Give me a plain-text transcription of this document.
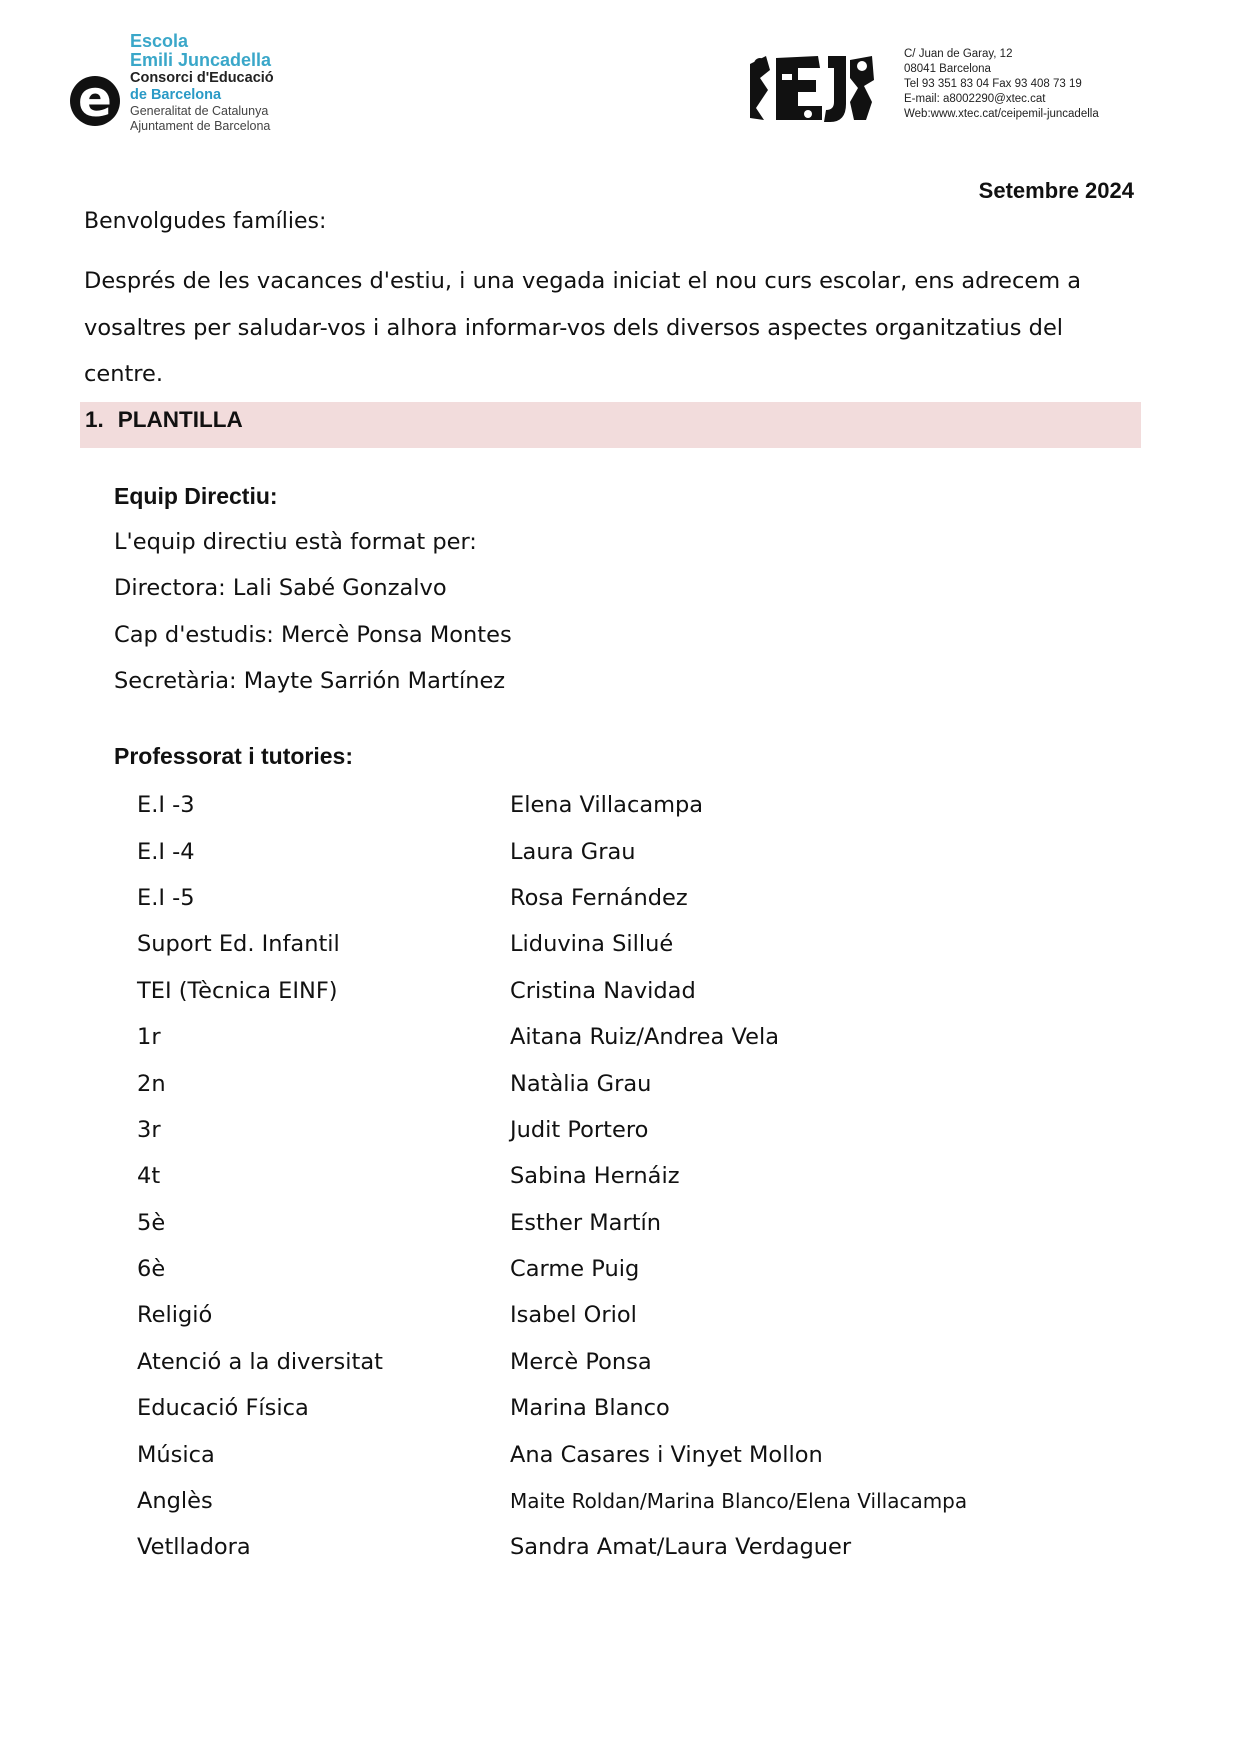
e
Escola
Emili Juncadella
Consorci d'Educació
de Barcelona
Generalitat de Catalunya
Ajuntament de Barcelona
C/ Juan de Garay, 12
08041 Barcelona
Tel 93 351 83 04 Fax 93 408 73 19
E-mail: a8002290@xtec.cat
Web:www.xtec.cat/ceipemil-juncadella
Setembre 2024
Benvolgudes famílies:

Després de les vacances d'estiu, i una vegada iniciat el nou curs escolar, ens adrecem a vosaltres per saludar-vos i alhora informar-vos dels diversos aspectes organitzatius del centre.

1. PLANTILLA
Equip Directiu:
L'equip directiu està format per:
Directora: Lali Sabé Gonzalvo
Cap d'estudis: Mercè Ponsa Montes
Secretària: Mayte Sarrión Martínez
Professorat i tutories:
E.I -3	Elena Villacampa
E.I -4	Laura Grau
E.I -5	Rosa Fernández
Suport Ed. Infantil	Liduvina Sillué
TEI (Tècnica EINF)	Cristina Navidad
1r	Aitana Ruiz/Andrea Vela
2n	Natàlia Grau
3r	Judit Portero
4t	Sabina Hernáiz
5è	Esther Martín
6è	Carme Puig
Religió	Isabel Oriol
Atenció a la diversitat	Mercè Ponsa
Educació Física	Marina Blanco
Música	Ana Casares i Vinyet Mollon
Anglès	Maite Roldan/Marina Blanco/Elena Villacampa
Vetlladora	Sandra Amat/Laura Verdaguer
